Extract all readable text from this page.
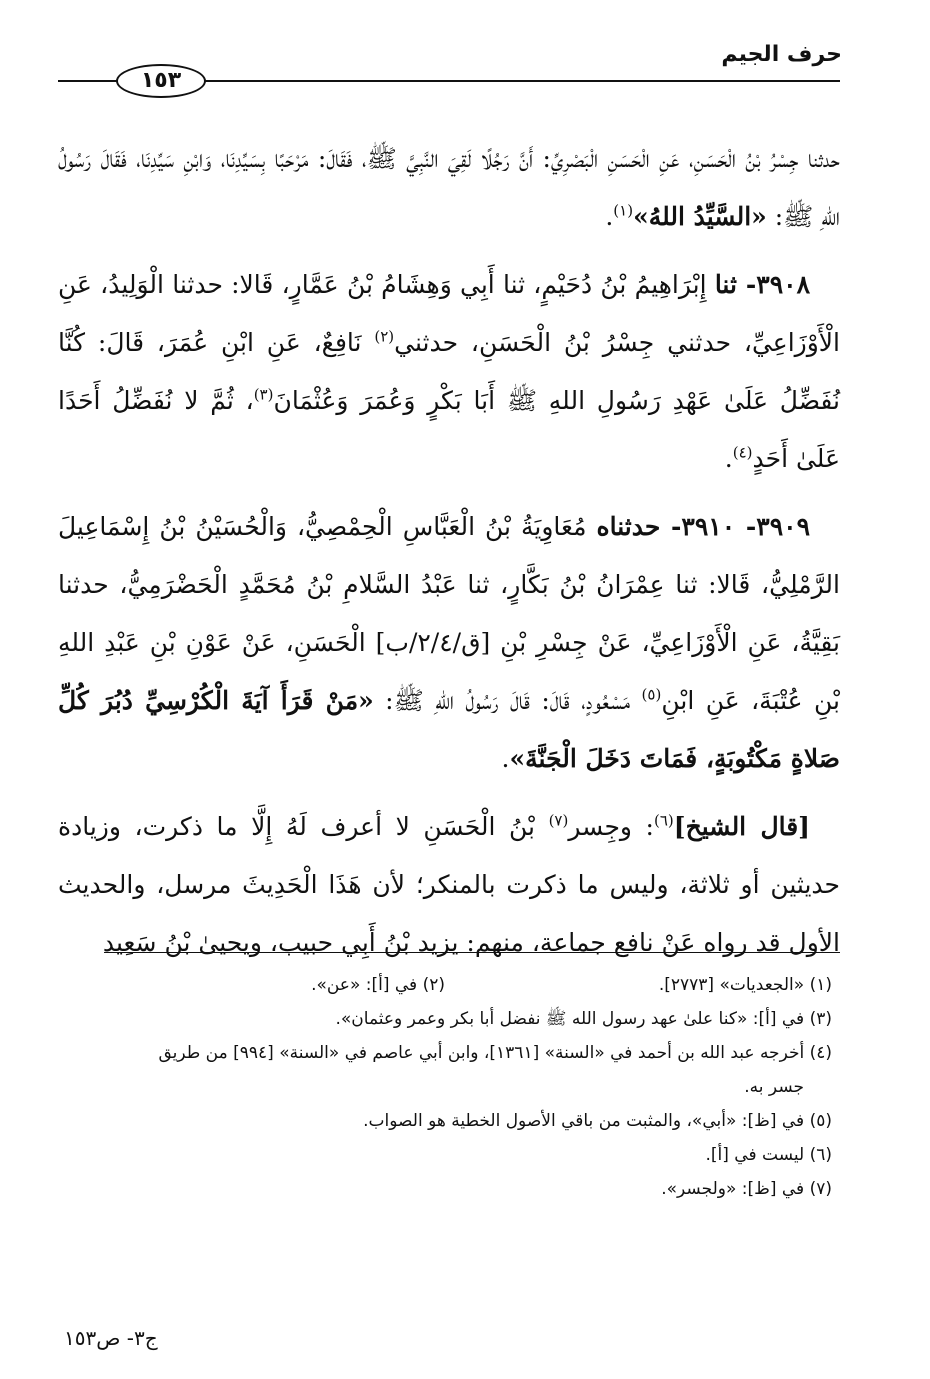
حرف الجيم
١٥٣

حدثنا جِسْرُ بْنُ الْحَسَنِ، عَنِ الْحَسَنِ الْبَصْرِيِّ: أَنَّ رَجُلًا لَقِيَ النَّبِيَّ ﷺ، فَقَالَ: مَرْحَبًا بِسَيِّدِنَا، وَابْنِ سَيِّدِنَا، فَقَالَ رَسُولُ اللهِ ﷺ: «السَّيِّدُ اللهُ»$^{(١)}$.

٣٩٠٨- ثنا إِبْرَاهِيمُ بْنُ دُحَيْمٍ، ثنا أَبِي وَهِشَامُ بْنُ عَمَّارٍ، قَالا: حدثنا الْوَلِيدُ، عَنِ الْأَوْزَاعِيِّ، حدثني جِسْرُ بْنُ الْحَسَنِ، حدثني$^{(٢)}$ نَافِعٌ، عَنِ ابْنِ عُمَرَ، قَالَ: كُنَّا نُفَضِّلُ عَلَىٰ عَهْدِ رَسُولِ اللهِ ﷺ أَبَا بَكْرٍ وَعُمَرَ وَعُثْمَانَ$^{(٣)}$، ثُمَّ لا نُفَضِّلُ أَحَدًا عَلَىٰ أَحَدٍ$^{(٤)}$.

٣٩٠٩- ٣٩١٠- حدثناه مُعَاوِيَةُ بْنُ الْعَبَّاسِ الْحِمْصِيُّ، وَالْحُسَيْنُ بْنُ إِسْمَاعِيلَ الرَّمْلِيُّ، قَالا: ثنا عِمْرَانُ بْنُ بَكَّارٍ، ثنا عَبْدُ السَّلامِ بْنُ مُحَمَّدٍ الْحَضْرَمِيُّ، حدثنا بَقِيَّةُ، عَنِ الْأَوْزَاعِيِّ، عَنْ جِسْرِ بْنِ [ق/٢/٤/ب] الْحَسَنِ، عَنْ عَوْنِ بْنِ عَبْدِ اللهِ بْنِ عُتْبَةَ، عَنِ ابْنِ$^{(٥)}$ مَسْعُودٍ، قَالَ: قَالَ رَسُولُ اللهِ ﷺ: «مَنْ قَرَأَ آيَةَ الْكُرْسِيِّ دُبُرَ كُلِّ صَلاةٍ مَكْتُوبَةٍ، فَمَاتَ دَخَلَ الْجَنَّةَ».

[قال الشيخ]$^{(٦)}$: وجِسر$^{(٧)}$ بْنُ الْحَسَنِ لا أعرف لَهُ إِلَّا ما ذكرت، وزيادة حديثين أو ثلاثة، وليس ما ذكرت بالمنكر؛ لأن هَذَا الْحَدِيثَ مرسل، والحديث الأول قد رواه عَنْ نافع جماعة، منهم: يزيد بْنُ أَبِي حبيب، ويحيىٰ بْنُ سَعِيد

(١) «الجعديات» [٢٧٧٣].
(٢) في [أ]: «عن».
(٣) في [أ]: «كنا علىٰ عهد رسول الله ﷺ نفضل أبا بكر وعمر وعثمان».
(٤) أخرجه عبد الله بن أحمد في «السنة» [١٣٦١]، وابن أبي عاصم في «السنة» [٩٩٤] من طريق
جسر به.
(٥) في [ظ]: «أبي»، والمثبت من باقي الأصول الخطية هو الصواب.
(٦) ليست في [أ].
(٧) في [ظ]: «ولجسر».
ج٣- ص١٥٣
